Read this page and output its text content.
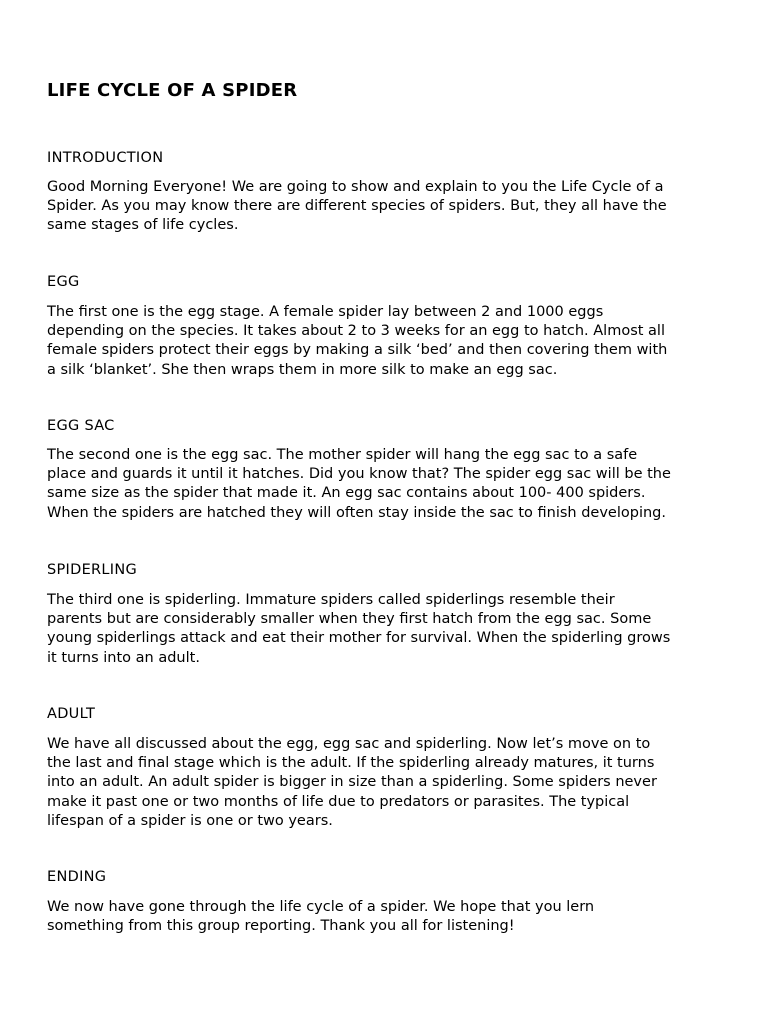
LIFE CYCLE OF A SPIDER
INTRODUCTION
Good Morning Everyone! We are going to show and explain to you the Life Cycle of a
Spider. As you may know there are different species of spiders. But, they all have the
same stages of life cycles.
EGG
The first one is the egg stage. A female spider lay between 2 and 1000 eggs
depending on the species. It takes about 2 to 3 weeks for an egg to hatch. Almost all
female spiders protect their eggs by making a silk ‘bed’ and then covering them with
a silk ‘blanket’. She then wraps them in more silk to make an egg sac.
EGG SAC
The second one is the egg sac. The mother spider will hang the egg sac to a safe
place and guards it until it hatches. Did you know that? The spider egg sac will be the
same size as the spider that made it. An egg sac contains about 100- 400 spiders.
When the spiders are hatched they will often stay inside the sac to finish developing.
SPIDERLING
The third one is spiderling. Immature spiders called spiderlings resemble their
parents but are considerably smaller when they first hatch from the egg sac. Some
young spiderlings attack and eat their mother for survival. When the spiderling grows
it turns into an adult.
ADULT
We have all discussed about the egg, egg sac and spiderling. Now let’s move on to
the last and final stage which is the adult. If the spiderling already matures, it turns
into an adult. An adult spider is bigger in size than a spiderling. Some spiders never
make it past one or two months of life due to predators or parasites. The typical
lifespan of a spider is one or two years.
ENDING
We now have gone through the life cycle of a spider. We hope that you lern
something from this group reporting. Thank you all for listening!
